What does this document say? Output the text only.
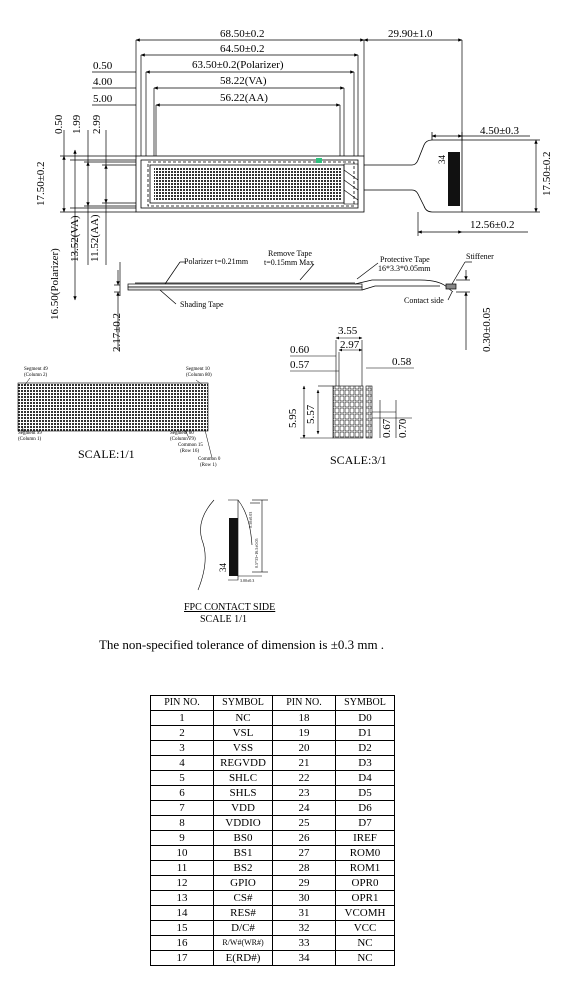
68.50±0.2
64.50±0.2
63.50±0.2(Polarizer)
58.22(VA)
56.22(AA)
0.50
4.00
5.00
29.90±1.0
0.50 1.99 2.99
17.50±0.2
16.50(Polarizer)
13.52(VA) 11.52(AA)
34
4.50±0.3
12.56±0.2
17.50±0.2
Polarizer t=0.21mm
Remove Tape
t=0.15mm Max	Protective Tape
16*3.3*0.05mm
Stiffener
Shading Tape	Contact side
2.17±0.2	0.30±0.05
Segment 49
(Column 2)
Segment 10
(Column 80)
Segment 99
(Column 1)
Segment 60
(Column 79)
Common 15
(Row 16)
Common 0
(Row 1)
SCALE:1/1
3.55
2.97
0.60
0.57	0.58
5.95 5.57
0.67 0.70
SCALE:3/1
34	0.5*33=16.5±0.05
0.30±0.03
3.00±0.3
FPC CONTACT SIDE
SCALE 1/1
The non-specified tolerance of dimension is ±0.3 mm .
PIN NO.	SYMBOL	PIN NO.	SYMBOL
1	NC	18	D0
2	VSL	19	D1
3	VSS	20	D2
4	REGVDD	21	D3
5	SHLC	22	D4
6	SHLS	23	D5
7	VDD	24	D6
8	VDDIO	25	D7
9	BS0	26	IREF
10	BS1	27	ROM0
11	BS2	28	ROM1
12	GPIO	29	OPR0
13	CS#	30	OPR1
14	RES#	31	VCOMH
15	D/C#	32	VCC
16	R/W#(WR#)	33	NC
17	E(RD#)	34	NC
